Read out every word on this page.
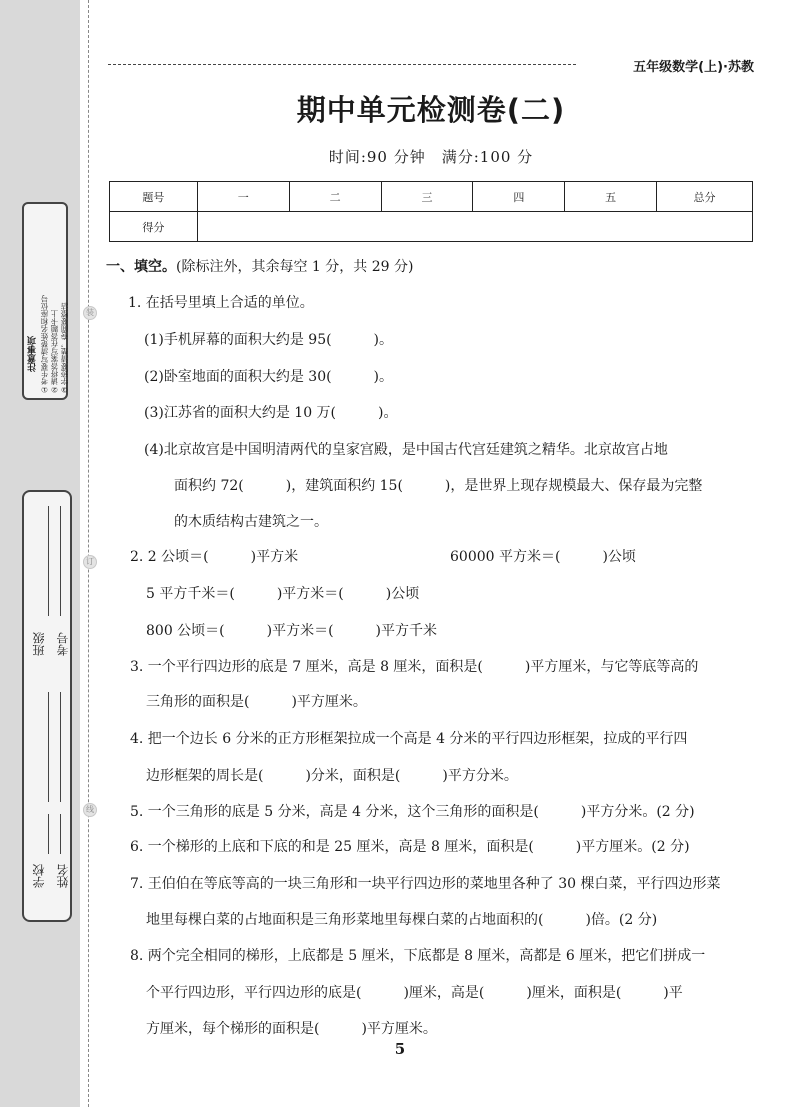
注意事项 ①考生要写清楚姓名和座位号 ②请将答案写在答题卡上 ③字迹要清楚，卷面要整洁
班级 考号
学校 姓名
装
订
线
五年级数学(上)·苏教
期中单元检测卷(二)
时间:90 分钟　满分:100 分
题号	一	二	三	四	五	总分
得分						
一、填空。(除标注外，其余每空 1 分，共 29 分)
1. 在括号里填上合适的单位。
(1)手机屏幕的面积大约是 95(　　　)。
(2)卧室地面的面积大约是 30(　　　)。
(3)江苏省的面积大约是 10 万(　　　)。
(4)北京故宫是中国明清两代的皇家宫殿，是中国古代宫廷建筑之精华。北京故宫占地
面积约 72(　　　)，建筑面积约 15(　　　)，是世界上现存规模最大、保存最为完整
的木质结构古建筑之一。
2. 2 公顷＝(　　　)平方米	60000 平方米＝(　　　)公顷
5 平方千米＝(　　　)平方米＝(　　　)公顷
800 公顷＝(　　　)平方米＝(　　　)平方千米
3. 一个平行四边形的底是 7 厘米，高是 8 厘米，面积是(　　　)平方厘米，与它等底等高的
三角形的面积是(　　　)平方厘米。
4. 把一个边长 6 分米的正方形框架拉成一个高是 4 分米的平行四边形框架，拉成的平行四
边形框架的周长是(　　　)分米，面积是(　　　)平方分米。
5. 一个三角形的底是 5 分米，高是 4 分米，这个三角形的面积是(　　　)平方分米。(2 分)
6. 一个梯形的上底和下底的和是 25 厘米，高是 8 厘米，面积是(　　　)平方厘米。(2 分)
7. 王伯伯在等底等高的一块三角形和一块平行四边形的菜地里各种了 30 棵白菜，平行四边形菜
地里每棵白菜的占地面积是三角形菜地里每棵白菜的占地面积的(　　　)倍。(2 分)
8. 两个完全相同的梯形，上底都是 5 厘米，下底都是 8 厘米，高都是 6 厘米，把它们拼成一
个平行四边形，平行四边形的底是(　　　)厘米，高是(　　　)厘米，面积是(　　　)平
方厘米，每个梯形的面积是(　　　)平方厘米。
5
